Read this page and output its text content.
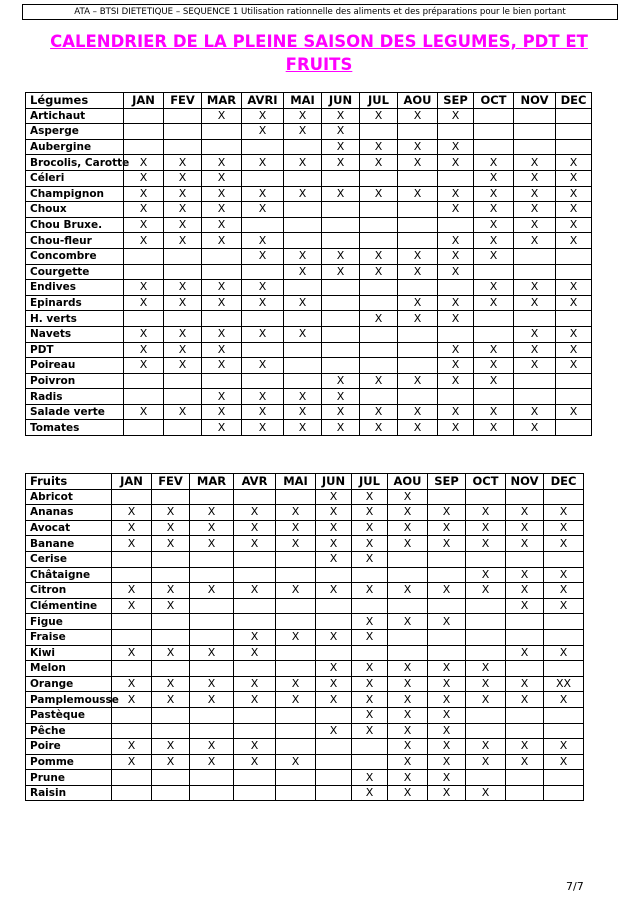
ATA – BTSI DIETETIQUE – SEQUENCE 1 Utilisation rationnelle des aliments et des préparations pour le bien portant
CALENDRIER DE LA PLEINE SAISON DES LEGUMES, PDT ET FRUITS
Légumes	JAN	FEV	MAR	AVRI	MAI	JUN	JUL	AOU	SEP	OCT	NOV	DEC
Artichaut			X	X	X	X	X	X	X			
Asperge				X	X	X						
Aubergine						X	X	X	X			
Brocolis, Carotte	X	X	X	X	X	X	X	X	X	X	X	X
Céleri	X	X	X							X	X	X
Champignon	X	X	X	X	X	X	X	X	X	X	X	X
Choux	X	X	X	X					X	X	X	X
Chou Bruxe.	X	X	X							X	X	X
Chou-fleur	X	X	X	X					X	X	X	X
Concombre				X	X	X	X	X	X	X		
Courgette					X	X	X	X	X			
Endives	X	X	X	X						X	X	X
Epinards	X	X	X	X	X			X	X	X	X	X
H. verts							X	X	X			
Navets	X	X	X	X	X						X	X
PDT	X	X	X						X	X	X	X
Poireau	X	X	X	X					X	X	X	X
Poivron						X	X	X	X	X		
Radis			X	X	X	X						
Salade verte	X	X	X	X	X	X	X	X	X	X	X	X
Tomates			X	X	X	X	X	X	X	X	X	
Fruits	JAN	FEV	MAR	AVR	MAI	JUN	JUL	AOU	SEP	OCT	NOV	DEC
Abricot						X	X	X				
Ananas	X	X	X	X	X	X	X	X	X	X	X	X
Avocat	X	X	X	X	X	X	X	X	X	X	X	X
Banane	X	X	X	X	X	X	X	X	X	X	X	X
Cerise						X	X					
Châtaigne										X	X	X
Citron	X	X	X	X	X	X	X	X	X	X	X	X
Clémentine	X	X									X	X
Figue							X	X	X			
Fraise				X	X	X	X					
Kiwi	X	X	X	X							X	X
Melon						X	X	X	X	X		
Orange	X	X	X	X	X	X	X	X	X	X	X	XX
Pamplemousse	X	X	X	X	X	X	X	X	X	X	X	X
Pastèque							X	X	X			
Pêche						X	X	X	X			
Poire	X	X	X	X				X	X	X	X	X
Pomme	X	X	X	X	X			X	X	X	X	X
Prune							X	X	X			
Raisin							X	X	X	X		
7/7
